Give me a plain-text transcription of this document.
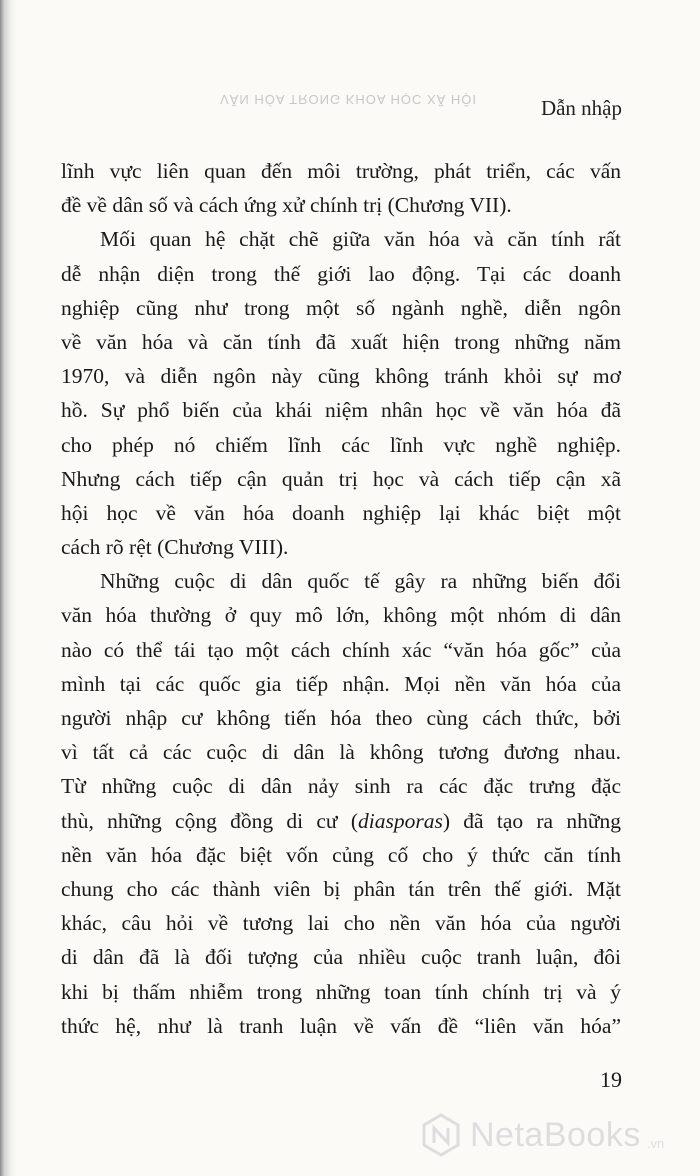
VĂN HÓA TRONG KHOA HỌC XÃ HỘI	Dẫn nhập
lĩnh vực liên quan đến môi trường, phát triển, các vấn
đề về dân số và cách ứng xử chính trị (Chương VII).
Mối quan hệ chặt chẽ giữa văn hóa và căn tính rất
dễ nhận diện trong thế giới lao động. Tại các doanh
nghiệp cũng như trong một số ngành nghề, diễn ngôn
về văn hóa và căn tính đã xuất hiện trong những năm
1970, và diễn ngôn này cũng không tránh khỏi sự mơ
hồ. Sự phổ biến của khái niệm nhân học về văn hóa đã
cho phép nó chiếm lĩnh các lĩnh vực nghề nghiệp.
Nhưng cách tiếp cận quản trị học và cách tiếp cận xã
hội học về văn hóa doanh nghiệp lại khác biệt một
cách rõ rệt (Chương VIII).
Những cuộc di dân quốc tế gây ra những biến đổi
văn hóa thường ở quy mô lớn, không một nhóm di dân
nào có thể tái tạo một cách chính xác “văn hóa gốc” của
mình tại các quốc gia tiếp nhận. Mọi nền văn hóa của
người nhập cư không tiến hóa theo cùng cách thức, bởi
vì tất cả các cuộc di dân là không tương đương nhau.
Từ những cuộc di dân nảy sinh ra các đặc trưng đặc
thù, những cộng đồng di cư (diasporas) đã tạo ra những
nền văn hóa đặc biệt vốn củng cố cho ý thức căn tính
chung cho các thành viên bị phân tán trên thế giới. Mặt
khác, câu hỏi về tương lai cho nền văn hóa của người
di dân đã là đối tượng của nhiều cuộc tranh luận, đôi
khi bị thấm nhiễm trong những toan tính chính trị và ý
thức hệ, như là tranh luận về vấn đề “liên văn hóa”
19
NetaBooks .vn
